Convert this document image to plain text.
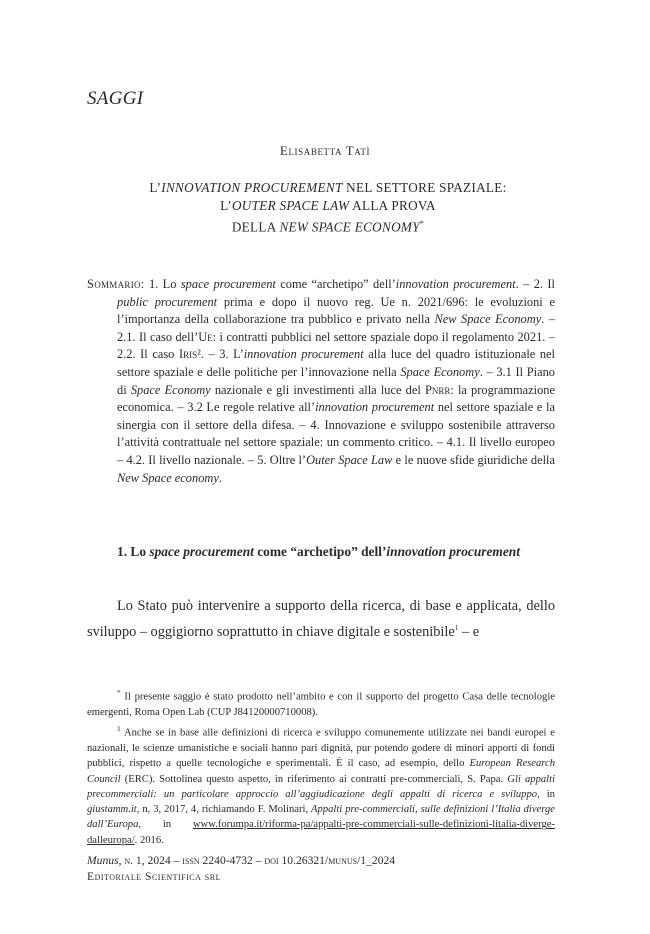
SAGGI
Elisabetta Tatì
L’INNOVATION PROCUREMENT NEL SETTORE SPAZIALE:
L’OUTER SPACE LAW ALLA PROVA
DELLA NEW SPACE ECONOMY*
Sommario: 1. Lo space procurement come “archetipo” dell’innovation procurement. – 2. Il public procurement prima e dopo il nuovo reg. Ue n. 2021/696: le evoluzioni e l’importanza della collaborazione tra pubblico e privato nella New Space Economy. – 2.1. Il caso dell’Ue: i contratti pubblici nel settore spaziale dopo il regolamento 2021. – 2.2. Il caso Iris². – 3. L’innovation procurement alla luce del quadro istituzionale nel settore spaziale e delle politiche per l’innovazione nella Space Economy. – 3.1 Il Piano di Space Economy nazionale e gli investimenti alla luce del Pnrr: la programmazione economica. – 3.2 Le regole relative all’innovation procurement nel settore spaziale e la sinergia con il settore della difesa. – 4. Innovazione e sviluppo sostenibile attraverso l’attività contrattuale nel settore spaziale: un commento critico. – 4.1. Il livello europeo – 4.2. Il livello nazionale. – 5. Oltre l’Outer Space Law e le nuove sfide giuridiche della New Space economy.
1. Lo space procurement come “archetipo” dell’innovation procurement

Lo Stato può intervenire a supporto della ricerca, di base e applicata, dello sviluppo – oggigiorno soprattutto in chiave digitale e sostenibile$^1$ – e

* Il presente saggio è stato prodotto nell’ambito e con il supporto del progetto Casa delle tecnologie emergenti, Roma Open Lab (CUP J84120000710008).

$^1$ Anche se in base alle definizioni di ricerca e sviluppo comunemente utilizzate nei bandi europei e nazionali, le scienze umanistiche e sociali hanno pari dignità, pur potendo godere di minori apporti di fondi pubblici, rispetto a quelle tecnologiche e sperimentali. È il caso, ad esempio, dello European Research Council (ERC). Sottolinea questo aspetto, in riferimento ai contratti pre-commerciali, S. Papa. Gli appalti precommerciali: un particolare approccio all’aggiudicazione degli appalti di ricerca e sviluppo, in giustamm.it, n, 3, 2017, 4, richiamando F. Molinari, Appalti pre-commerciali, sulle definizioni l’Italia diverge dall’Europa, in www.forumpa.it/riforma-pa/appalti-pre-commerciali-sulle-definizioni-litalia-diverge-dalleuropa/. 2016.

Munus, n. 1, 2024 – issn 2240-4732 – doi 10.26321/munus/1_2024
Editoriale Scientifica srl
